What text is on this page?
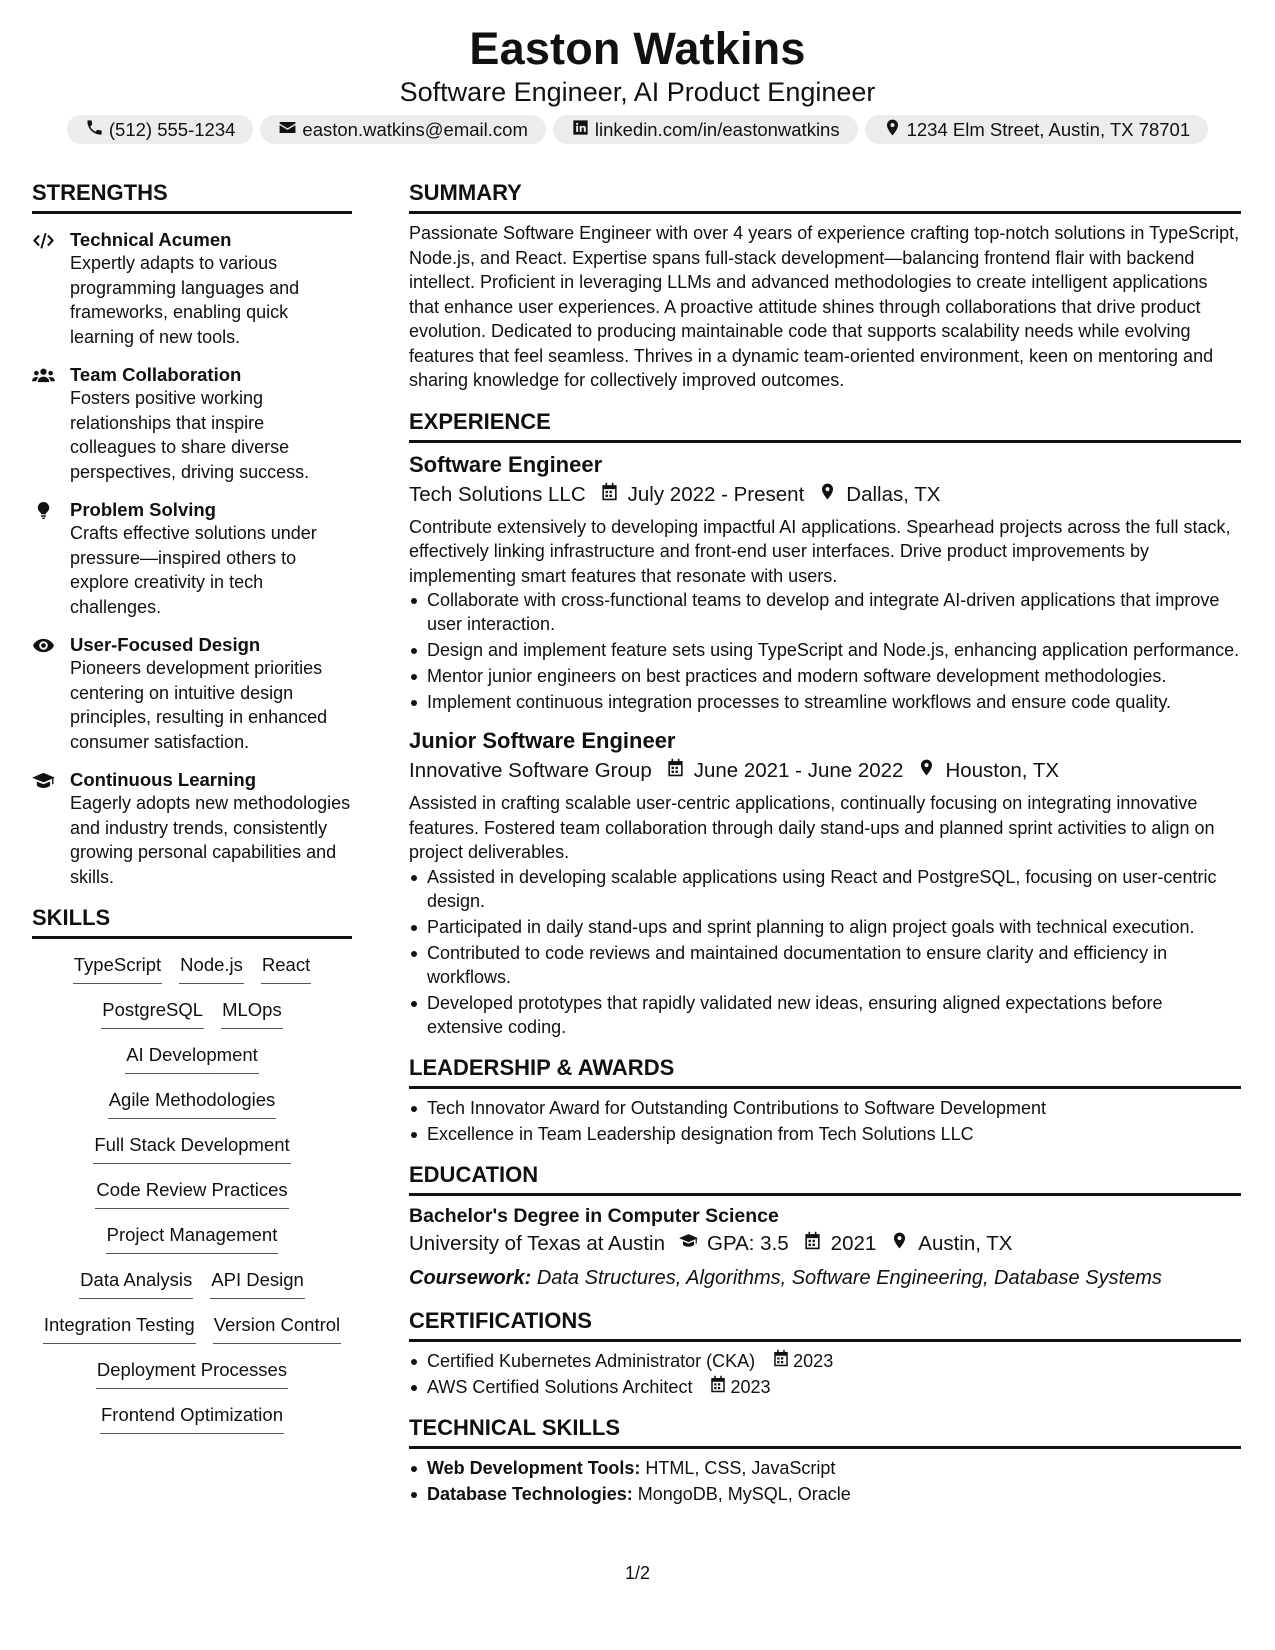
Easton Watkins
Software Engineer, AI Product Engineer
(512) 555-1234	easton.watkins@email.com	linkedin.com/in/eastonwatkins	1234 Elm Street, Austin, TX 78701
STRENGTHS
Technical Acumen
Expertly adapts to various programming languages and frameworks, enabling quick learning of new tools.
Team Collaboration
Fosters positive working relationships that inspire colleagues to share diverse perspectives, driving success.
Problem Solving
Crafts effective solutions under pressure—inspired others to explore creativity in tech challenges.
User-Focused Design
Pioneers development priorities centering on intuitive design principles, resulting in enhanced consumer satisfaction.
Continuous Learning
Eagerly adopts new methodologies and industry trends, consistently growing personal capabilities and skills.
SKILLS
TypeScript Node.js React
PostgreSQL MLOps
AI Development
Agile Methodologies
Full Stack Development
Code Review Practices
Project Management
Data Analysis API Design
Integration Testing Version Control
Deployment Processes
Frontend Optimization
SUMMARY
Passionate Software Engineer with over 4 years of experience crafting top-notch solutions in TypeScript, Node.js, and React. Expertise spans full-stack development—balancing frontend flair with backend intellect. Proficient in leveraging LLMs and advanced methodologies to create intelligent applications that enhance user experiences. A proactive attitude shines through collaborations that drive product evolution. Dedicated to producing maintainable code that supports scalability needs while evolving features that feel seamless. Thrives in a dynamic team-oriented environment, keen on mentoring and sharing knowledge for collectively improved outcomes.
EXPERIENCE
Software Engineer
Tech Solutions LLC July 2022 - Present Dallas, TX
Contribute extensively to developing impactful AI applications. Spearhead projects across the full stack, effectively linking infrastructure and front-end user interfaces. Drive product improvements by implementing smart features that resonate with users.
Collaborate with cross-functional teams to develop and integrate AI-driven applications that improve user interaction.
Design and implement feature sets using TypeScript and Node.js, enhancing application performance.
Mentor junior engineers on best practices and modern software development methodologies.
Implement continuous integration processes to streamline workflows and ensure code quality.
Junior Software Engineer
Innovative Software Group June 2021 - June 2022 Houston, TX
Assisted in crafting scalable user-centric applications, continually focusing on integrating innovative features. Fostered team collaboration through daily stand-ups and planned sprint activities to align on project deliverables.
Assisted in developing scalable applications using React and PostgreSQL, focusing on user-centric design.
Participated in daily stand-ups and sprint planning to align project goals with technical execution.
Contributed to code reviews and maintained documentation to ensure clarity and efficiency in workflows.
Developed prototypes that rapidly validated new ideas, ensuring aligned expectations before extensive coding.
LEADERSHIP & AWARDS
Tech Innovator Award for Outstanding Contributions to Software Development
Excellence in Team Leadership designation from Tech Solutions LLC
EDUCATION
Bachelor's Degree in Computer Science
University of Texas at Austin GPA: 3.5 2021 Austin, TX
Coursework: Data Structures, Algorithms, Software Engineering, Database Systems
CERTIFICATIONS
Certified Kubernetes Administrator (CKA) 2023
AWS Certified Solutions Architect 2023
TECHNICAL SKILLS
Web Development Tools: HTML, CSS, JavaScript
Database Technologies: MongoDB, MySQL, Oracle
1/2
